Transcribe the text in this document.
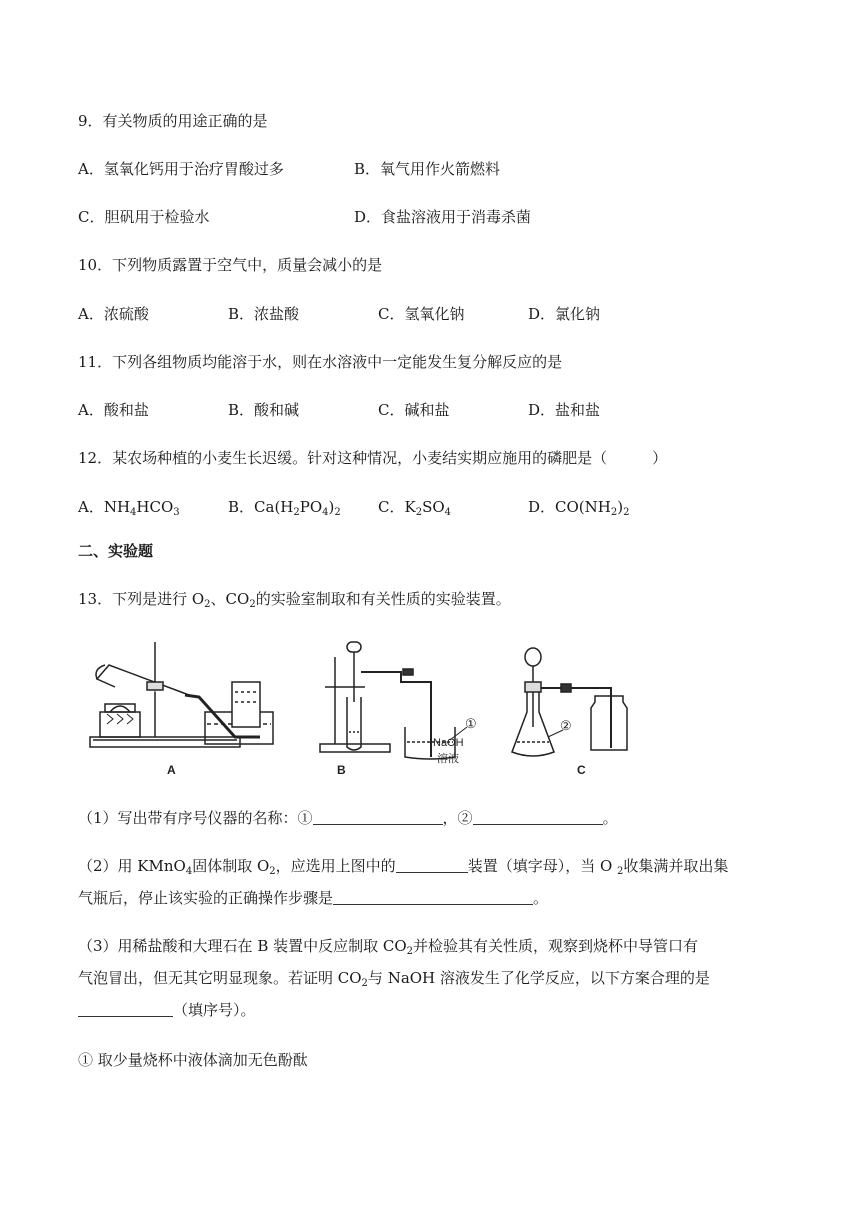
9．有关物质的用途正确的是
A．氢氧化钙用于治疗胃酸过多	B．氧气用作火箭燃料
C．胆矾用于检验水	D．食盐溶液用于消毒杀菌
10．下列物质露置于空气中，质量会减小的是
A．浓硫酸	B．浓盐酸	C．氢氧化钠	D．氯化钠
11．下列各组物质均能溶于水，则在水溶液中一定能发生复分解反应的是
A．酸和盐	B．酸和碱	C．碱和盐	D．盐和盐
12．某农场种植的小麦生长迟缓。针对这种情况，小麦结实期应施用的磷肥是（　　　）
A．$NH_4HCO_3$	B．$Ca(H_2PO_4)_2$ C．$K_2SO_4$	D．$CO(NH_2)_2$
二、实验题
13．下列是进行 $O_2$、$CO_2$的实验室制取和有关性质的实验装置。
A
①
NaOH
溶液
B
②
C
（1）写出带有序号仪器的名称：①	，②	。
（2）用 KMnO$_4$固体制取 $O_2$，应选用上图中的	装置（填字母），当 O $_2$收集满并取出集
气瓶后，停止该实验的正确操作步骤是	。
（3）用稀盐酸和大理石在 B 装置中反应制取 $CO_2$并检验其有关性质，观察到烧杯中导管口有
气泡冒出，但无其它明显现象。若证明 $CO_2$与 NaOH 溶液发生了化学反应，以下方案合理的是
（填序号）。
① 取少量烧杯中液体滴加无色酚酞
